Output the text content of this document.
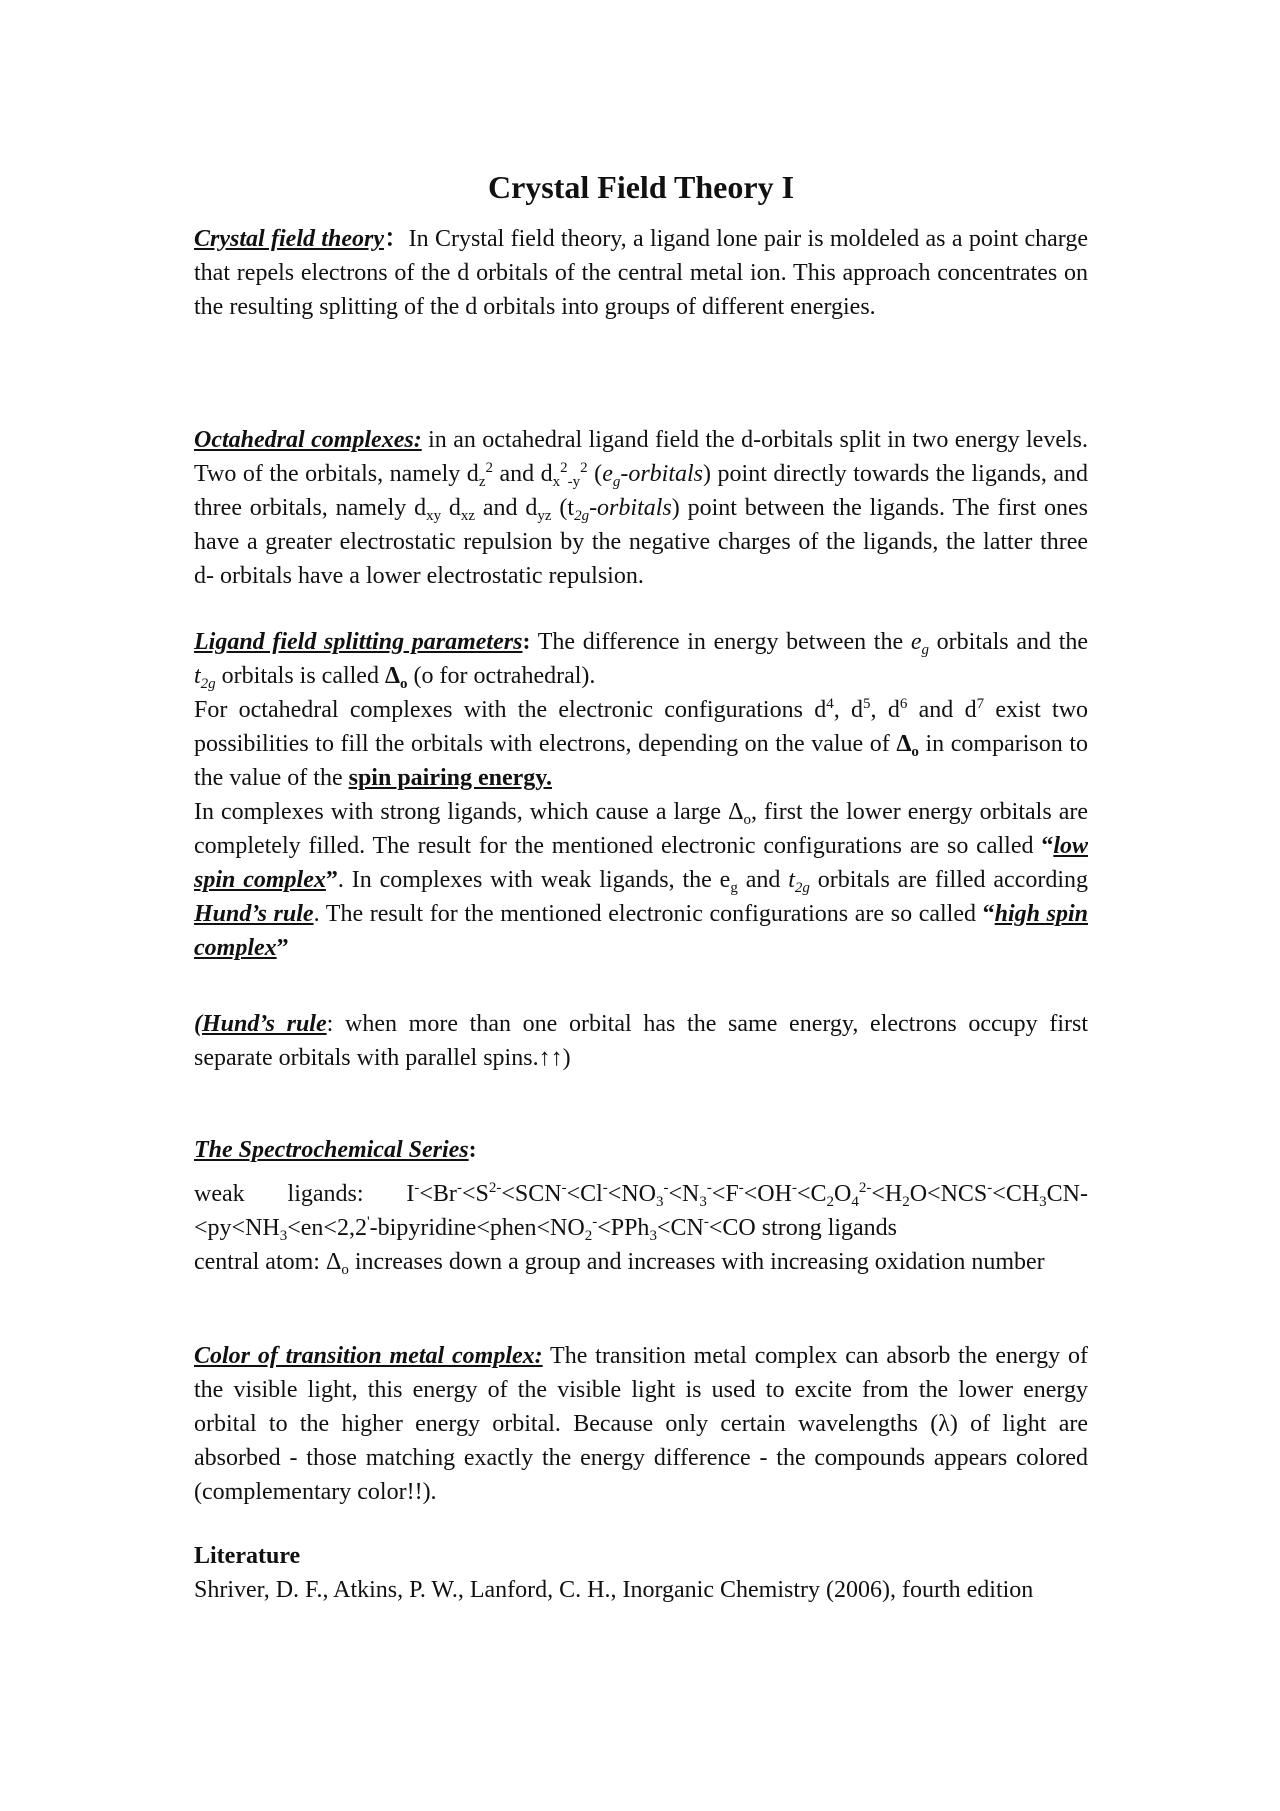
Crystal Field Theory I
Crystal field theory：In Crystal field theory, a ligand lone pair is moldeled as a point charge that repels electrons of the d orbitals of the central metal ion. This approach concentrates on the resulting splitting of the d orbitals into groups of different energies.
Octahedral complexes: in an octahedral ligand field the d-orbitals split in two energy levels. Two of the orbitals, namely $d_z^2$ and $d_x^2_{-y}^2$ $(e_g-orbitals)$ point directly towards the ligands, and three orbitals, namely $d_{xy}$ $d_{xz}$ and $d_{yz}$ $(t_{2g}-orbitals)$ point between the ligands. The first ones have a greater electrostatic repulsion by the negative charges of the ligands, the latter three d- orbitals have a lower electrostatic repulsion.
Ligand field splitting parameters: The difference in energy between the $e_g$ orbitals and the $t_{2g}$ orbitals is called $\Delta_o$ (o for octrahedral).
For octahedral complexes with the electronic configurations $d^4$, $d^5$, $d^6$ and $d^7$ exist two possibilities to fill the orbitals with electrons, depending on the value of $\Delta_o$ in comparison to the value of the spin pairing energy.
In complexes with strong ligands, which cause a large $\Delta_o$, first the lower energy orbitals are completely filled. The result for the mentioned electronic configurations are so called “low spin complex”. In complexes with weak ligands, the $e_g$ and $t_{2g}$ orbitals are filled according Hund’s rule. The result for the mentioned electronic configurations are so called “high spin complex”
(Hund’s rule: when more than one orbital has the same energy, electrons occupy first separate orbitals with parallel spins.↑↑)
The Spectrochemical Series:
weak ligands: $I^-<Br^-<S^{2-}<SCN^-<Cl^-<NO_3^-<N_3^-<F^-<OH^-<C_2O_4^{2-}<H_2O<NCS^-<CH_3CN-<py<NH_3<en<2,2'-bipyridine<phen<NO_2^-<PPh_3<CN^-<CO$ strong ligands
central atom: $\Delta_o$ increases down a group and increases with increasing oxidation number
Color of transition metal complex: The transition metal complex can absorb the energy of the visible light, this energy of the visible light is used to excite from the lower energy orbital to the higher energy orbital. Because only certain wavelengths (λ) of light are absorbed - those matching exactly the energy difference - the compounds appears colored (complementary color!!).
Literature
Shriver, D. F., Atkins, P. W., Lanford, C. H., Inorganic Chemistry (2006), fourth edition
